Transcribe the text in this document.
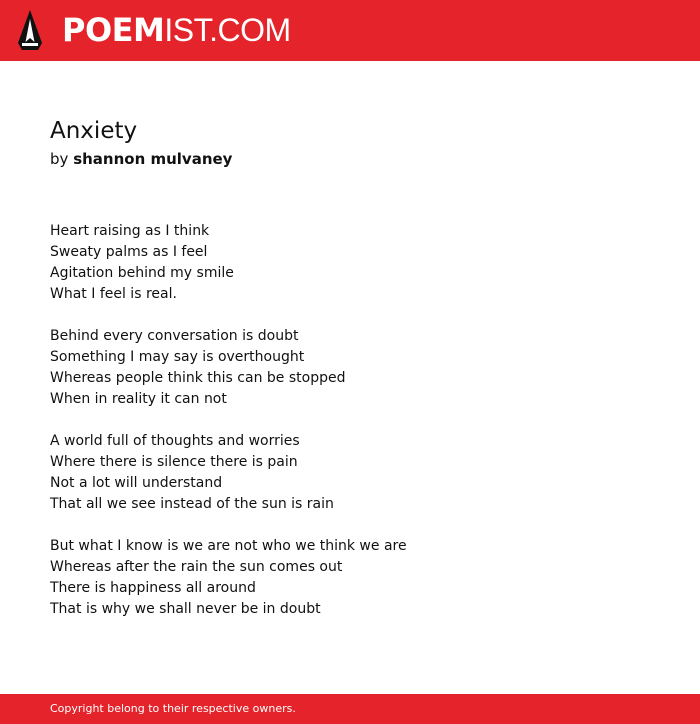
POEMIST.COM
Anxiety
by shannon mulvaney
Heart raising as I think
Sweaty palms as I feel
Agitation behind my smile
What I feel is real.
Behind every conversation is doubt
Something I may say is overthought
Whereas people think this can be stopped
When in reality it can not
A world full of thoughts and worries
Where there is silence there is pain
Not a lot will understand
That all we see instead of the sun is rain
But what I know is we are not who we think we are
Whereas after the rain the sun comes out
There is happiness all around
That is why we shall never be in doubt
Copyright belong to their respective owners.
